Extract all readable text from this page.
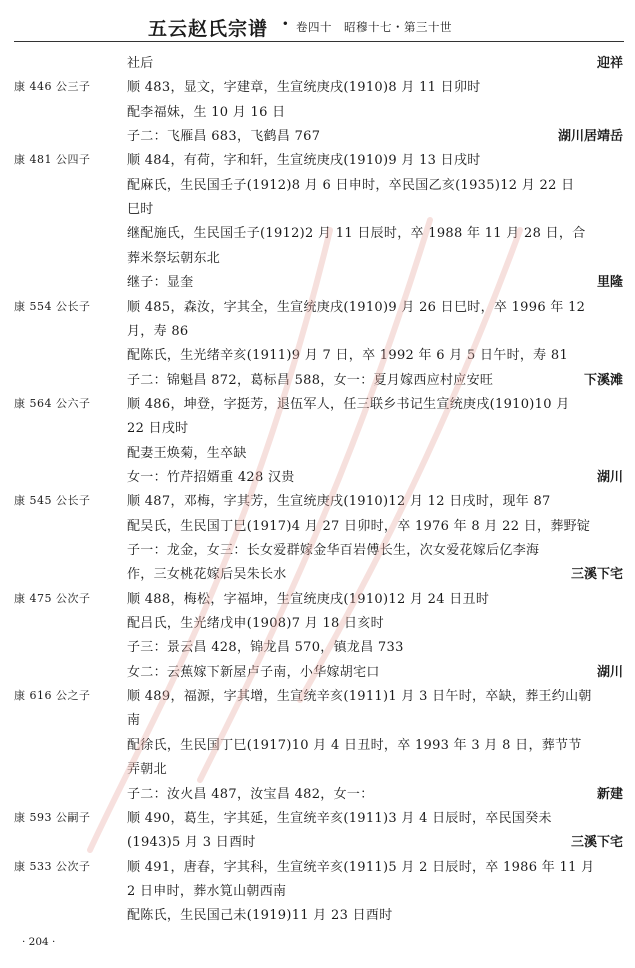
五云赵氏宗谱 · 卷四十　昭穆十七・第三十世
社后	迎祥
康 446 公三子	顺 483，显文，字建章，生宣统庚戌(1910)8 月 11 日卯时
配李福妹，生 10 月 16 日
子二：飞雁昌 683，飞鹤昌 767	湖川居靖岳
康 481 公四子	顺 484，有荷，字和轩，生宣统庚戌(1910)9 月 13 日戌时
配麻氏，生民国壬子(1912)8 月 6 日申时，卒民国乙亥(1935)12 月 22 日
巳时
继配施氏，生民国壬子(1912)2 月 11 日辰时，卒 1988 年 11 月 28 日，合
葬米祭坛朝东北
继子：显奎	里隆
康 554 公长子	顺 485，森汝，字其全，生宣统庚戌(1910)9 月 26 日巳时，卒 1996 年 12
月，寿 86
配陈氏，生光绪辛亥(1911)9 月 7 日，卒 1992 年 6 月 5 日午时，寿 81
子二：锦魁昌 872，葛标昌 588，女一：夏月嫁西应村应安旺	下溪滩
康 564 公六子	顺 486，坤登，字挺芳，退伍军人，任三联乡书记生宣统庚戌(1910)10 月
22 日戌时
配妻王焕菊，生卒缺
女一：竹芹招婿重 428 汉贵	湖川
康 545 公长子	顺 487，邓梅，字其芳，生宣统庚戌(1910)12 月 12 日戌时，现年 87
配吴氏，生民国丁巳(1917)4 月 27 日卯时，卒 1976 年 8 月 22 日，葬野锭
子一：龙金，女三：长女爱群嫁金华百岩傅长生，次女爱花嫁后亿李海
作，三女桃花嫁后吴朱长水	三溪下宅
康 475 公次子	顺 488，梅松，字福坤，生宣统庚戌(1910)12 月 24 日丑时
配吕氏，生光绪戊申(1908)7 月 18 日亥时
子三：景云昌 428，锦龙昌 570，镇龙昌 733
女二：云蕉嫁下新屋卢子南，小华嫁胡宅口	湖川
康 616 公之子	顺 489，福源，字其增，生宣统辛亥(1911)1 月 3 日午时，卒缺，葬王约山朝
南
配徐氏，生民国丁巳(1917)10 月 4 日丑时，卒 1993 年 3 月 8 日，葬节节
弄朝北
子二：汝火昌 487，汝宝昌 482，女一：	新建
康 593 公嗣子	顺 490，葛生，字其延，生宣统辛亥(1911)3 月 4 日辰时，卒民国癸未
(1943)5 月 3 日酉时	三溪下宅
康 533 公次子	顺 491，唐春，字其科，生宣统辛亥(1911)5 月 2 日辰时，卒 1986 年 11 月
2 日申时，葬水筧山朝西南
配陈氏，生民国己未(1919)11 月 23 日酉时
· 204 ·
